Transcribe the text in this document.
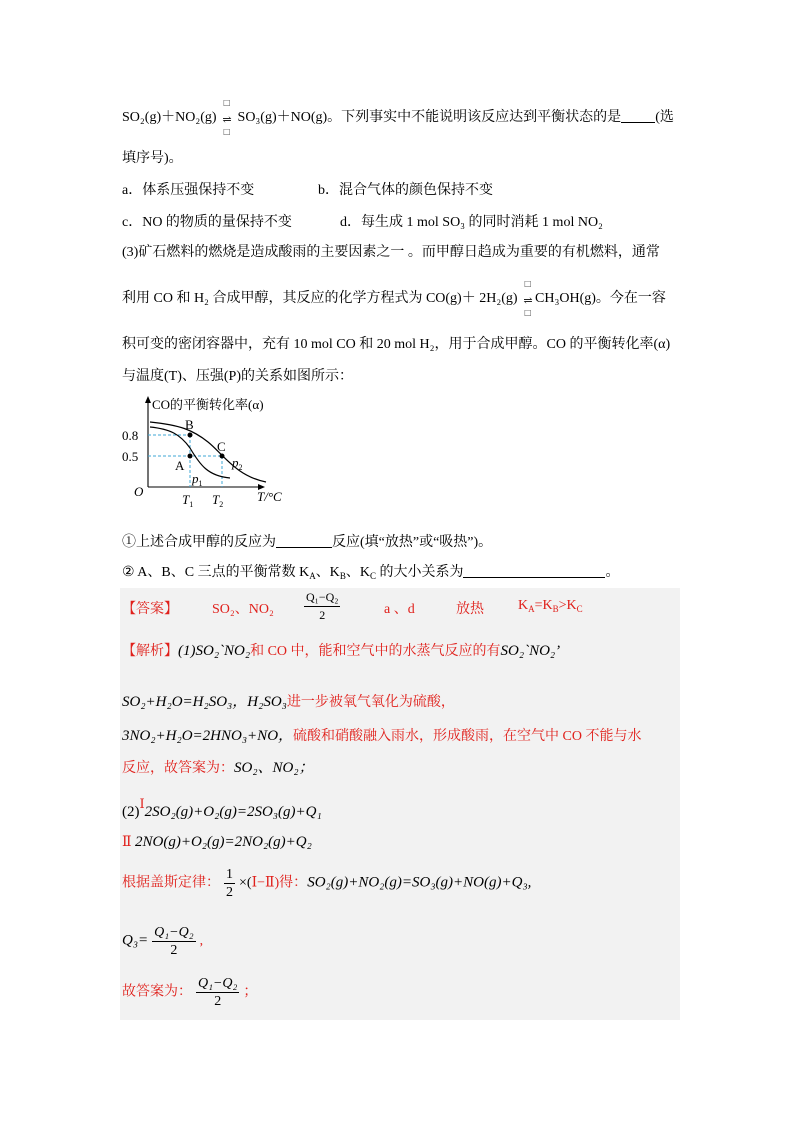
SO₂(g)＋NO₂(g)
□
⇌
□
SO₃(g)＋NO(g)。下列事实中不能说明该反应达到平衡状态的是 (选
填序号)。
a．体系压强保持不变	b．混合气体的颜色保持不变
c．NO 的物质的量保持不变	d．每生成 1 mol SO₃ 的同时消耗 1 mol NO₂
(3)矿石燃料的燃烧是造成酸雨的主要因素之一 。而甲醇日趋成为重要的有机燃料，通常
利用 CO 和 H₂ 合成甲醇，其反应的化学方程式为 CO(g)＋ 2H₂(g)
□
⇌
□
CH₃OH(g)。今在一容
积可变的密闭容器中，充有 10 mol CO 和 20 mol H₂，用于合成甲醇。CO 的平衡转化率(α)
与温度(T)、压强(P)的关系如图所示：
CO的平衡转化率(α)
0.8
0.5
O
B
A
C
$p_1$
$p_2$
$T_1$ $T_2$
T/°C
①上述合成甲醇的反应为	反应(填“放热”或“吸热”)。
② A、B、C 三点的平衡常数 $K_A$、$K_B$、$K_C$ 的大小关系为	。
【答案】 SO₂、NO₂	$\frac{\text{Q₁−Q₂}}{2}$	a 、d	放热 $K_A=K_B>K_C$
【解析】(1)SO₂`NO₂和 CO 中，能和空气中的水蒸气反应的有SO₂`NO₂’
SO₂+H₂O=H₂SO₃，H₂SO₃进一步被氧气氧化为硫酸，
3NO₂+H₂O=2HNO₃+NO，硫酸和硝酸融入雨水，形成酸雨，在空气中 CO 不能与水
反应，故答案为：SO₂、NO₂；
(2)Ⅰ2SO₂(g)+O₂(g)=2SO₃(g)+Q₁
Ⅱ 2NO(g)+O₂(g)=2NO₂(g)+Q₂
根据盖斯定律： $\frac{1}{2}$ ×(Ⅰ−Ⅱ)得：SO₂(g)+NO₂(g)=SO₃(g)+NO(g)+Q₃,
$Q_3= \frac{\text{Q₁−Q₂}}{2}$ ,
故答案为： $\frac{\text{Q₁−Q₂}}{2}$ ；
